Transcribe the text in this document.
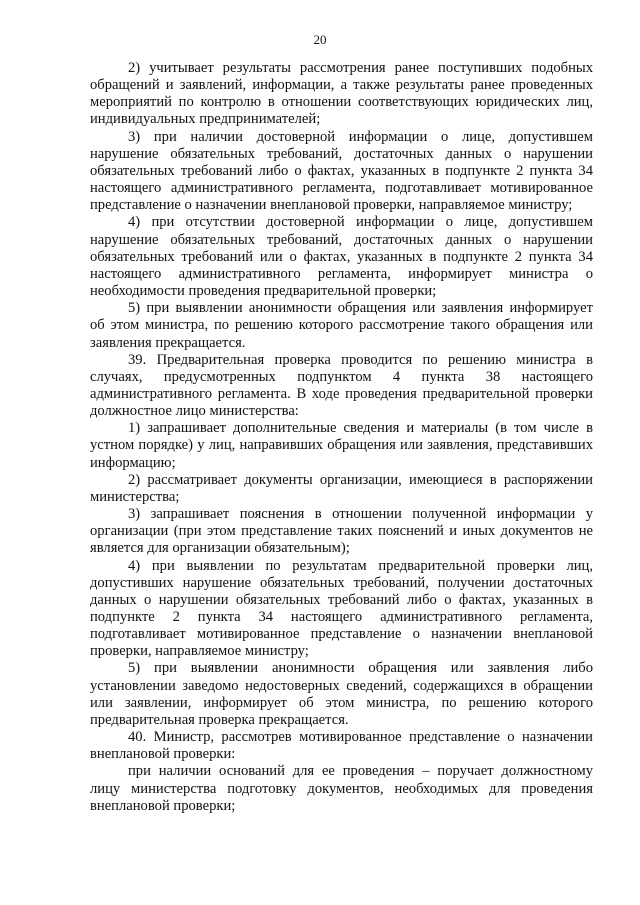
20

2) учитывает результаты рассмотрения ранее поступивших подобных обращений и заявлений, информации, а также результаты ранее проведенных мероприятий по контролю в отношении соответствующих юридических лиц, индивидуальных предпринимателей;

3) при наличии достоверной информации о лице, допустившем нарушение обязательных требований, достаточных данных о нарушении обязательных требований либо о фактах, указанных в подпункте 2 пункта 34 настоящего административного регламента, подготавливает мотивированное представление о назначении внеплановой проверки, направляемое министру;

4) при отсутствии достоверной информации о лице, допустившем нарушение обязательных требований, достаточных данных о нарушении обязательных требований или о фактах, указанных в подпункте 2 пункта 34 настоящего административного регламента, информирует министра о необходимости проведения предварительной проверки;

5) при выявлении анонимности обращения или заявления информирует об этом министра, по решению которого рассмотрение такого обращения или заявления прекращается.

39. Предварительная проверка проводится по решению министра в случаях, предусмотренных подпунктом 4 пункта 38 настоящего административного регламента. В ходе проведения предварительной проверки должностное лицо министерства:

1) запрашивает дополнительные сведения и материалы (в том числе в устном порядке) у лиц, направивших обращения или заявления, представивших информацию;

2) рассматривает документы организации, имеющиеся в распоряжении министерства;

3) запрашивает пояснения в отношении полученной информации у организации (при этом представление таких пояснений и иных документов не является для организации обязательным);

4) при выявлении по результатам предварительной проверки лиц, допустивших нарушение обязательных требований, получении достаточных данных о нарушении обязательных требований либо о фактах, указанных в подпункте 2 пункта 34 настоящего административного регламента, подготавливает мотивированное представление о назначении внеплановой проверки, направляемое министру;

5) при выявлении анонимности обращения или заявления либо установлении заведомо недостоверных сведений, содержащихся в обращении или заявлении, информирует об этом министра, по решению которого предварительная проверка прекращается.

40. Министр, рассмотрев мотивированное представление о назначении внеплановой проверки:

при наличии оснований для ее проведения – поручает должностному лицу министерства подготовку документов, необходимых для проведения внеплановой проверки;
